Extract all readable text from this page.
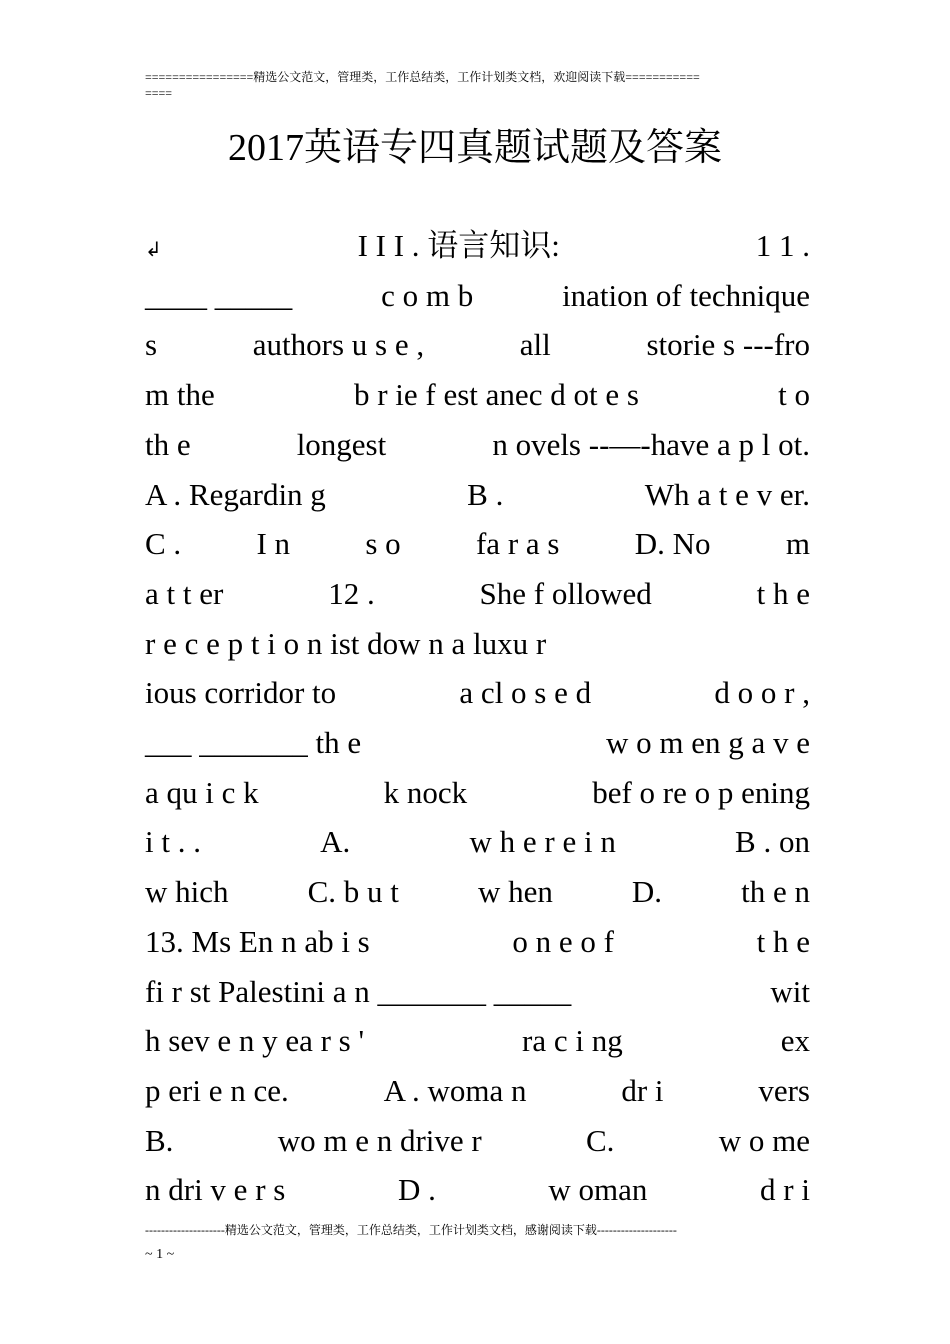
================精选公文范文，管理类，工作总结类，工作计划类文档，欢迎阅读下载===========
====
2017英语专四真题试题及答案
↲	I I I . 语言知识:	1 1 .
____ _____	c o m b	ination of technique
s	authors u s e ,	all	storie s ---fro
m the	b r ie f est anec d ot e s	t o
th e	longest	n ovels --—-have a p l ot.
A . Regardin g	B .	Wh a t e v er.
C . I n s o fa r a s D. No m
a t t er	12 .	She f ollowed	t h e
r e c e p t i o n ist dow n a luxu r
ious corridor to	a cl o s e d	d o o r ,
___ _______ th e	w o m en g a v e
a qu i c k	k nock	bef o re o p ening
i t . .	A.	w h e r e i n	B . on
w hich	C. b u t	w hen	D.	th e n
13. Ms En n ab i s	o n e o f	t h e
fi r st Palestini a n _______ _____	wit
h sev e n y ea r s '	ra c i ng	ex
p eri e n ce.	A . woma n	dr i	vers
B.	wo m e n drive r	C.	w o me
n dri v e r s	D .	w oman	d r i
--------------------精选公文范文，管理类，工作总结类，工作计划类文档，感谢阅读下载--------------------
~ 1 ~
